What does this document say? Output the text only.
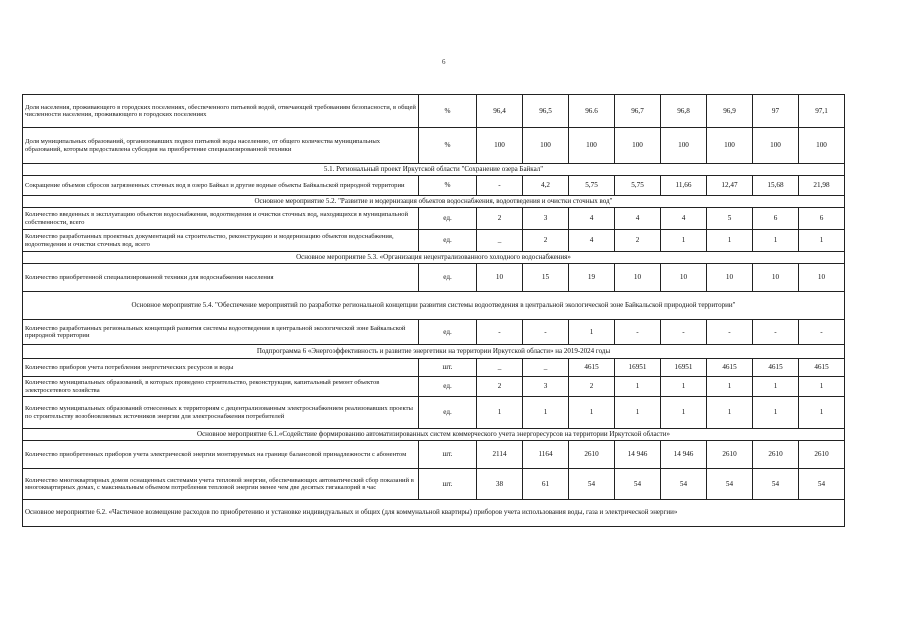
6
Доля населения, проживающего в городских поселениях, обеспеченного питьевой водой, отвечающей требованиям безопасности, в общей численности населения, проживающего в городских поселениях	%	96,4	96,5	96.6	96,7	96,8	96,9	97	97,1
Доля муниципальных образований, организовавших подвоз питьевой воды населению, от общего количества муниципальных образований, которым предоставлена субсидия на приобретение специализированной техники	%	100	100	100	100	100	100	100	100
5.1. Региональный проект Иркутской области "Сохранение озера Байкал"									
Сокращение объемов сбросов загрязненных сточных вод в озеро Байкал и другие водные объекты Байкальской природной территории	%	-	4,2	5,75	5,75	11,66	12,47	15,68	21,98
Основное мероприятие 5.2. "Развитие и модернизация объектов водоснабжения, водоотведения и очистки сточных вод"									
Количество введенных в эксплуатацию объектов водоснабжения, водоотведения и очистки сточных вод, находящихся в муниципальной собственности, всего	ед.	2	3	4	4	4	5	6	6
Количество разработанных проектных документаций на строительство, реконструкцию и модернизацию объектов водоснабжения, водоотведения и очистки сточных вод, всего	ед.	_	2	4	2	1	1	1	1
Основное мероприятие 5.3. «Организация нецентрализованного холодного водоснабжения»									
Количество приобретенной специализированной техники для водоснабжения населения	ед.	10	15	19	10	10	10	10	10
Основное мероприятие 5.4. "Обеспечение мероприятий по разработке региональной концепции развития системы водоотведения в центральной экологической зоне Байкальской природной территории"									
Количество разработанных региональных концепций развития системы водоотведения в центральной экологической зоне Байкальской природной территории	ед.	-	-	1	-	-	-	-	-
Подпрограмма 6 «Энергоэффективность и развитие энергетики на территории Иркутской области» на 2019-2024 годы									
Количество приборов учета потребления энергетических ресурсов и воды	шт.	_	_	4615	16951	16951	4615	4615	4615
Количество муниципальных образований, в которых проведено строительство, реконструкция, капитальный ремонт объектов электросетевого хозяйства	ед.	2	3	2	1	1	1	1	1
Количество муниципальных образований отнесенных к территориям с децентрализованным электроснабжением реализовавших проекты по строительству возобновляемых источников энергии для электроснабжения потребителей	ед.	1	1	1	1	1	1	1	1
Основное мероприятие 6.1.«Содействие формированию автоматизированных систем коммерческого учета энергоресурсов на территории Иркутской области»									
Количество приобретенных приборов учета электрической энергии монтируемых на границе балансовой принадлежности с абонентом	шт.	2114	1164	2610	14 946	14 946	2610	2610	2610
Количество многоквартирных домов оснащенных системами учета тепловой энергии, обеспечивающих автоматический сбор показаний в многоквартирных домах, с максимальным объемом потребления тепловой энергии менее чем две десятых гигакалорий в час	шт.	38	61	54	54	54	54	54	54
Основное мероприятие 6.2. «Частичное возмещение расходов по приобретению и установке индивидуальных и общих (для коммунальной квартиры) приборов учета использования воды, газа и электрической энергии»									
